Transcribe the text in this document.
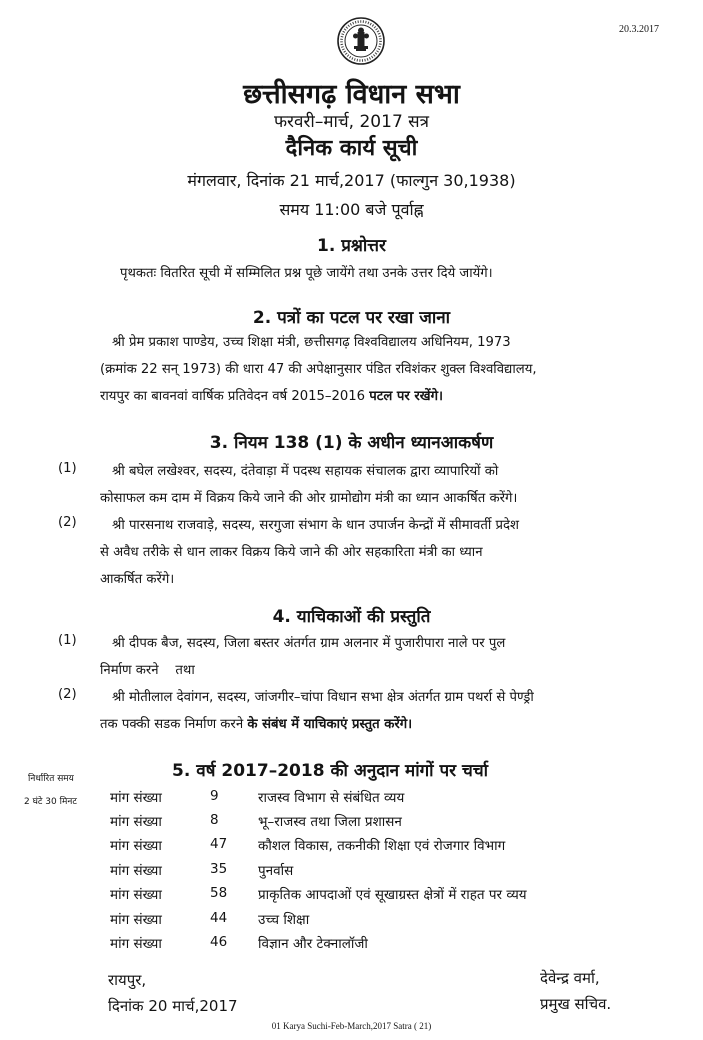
20.3.2017
छत्तीसगढ़ विधान सभा
फरवरी–मार्च, 2017 सत्र
दैनिक कार्य सूची
मंगलवार, दिनांक 21 मार्च,2017 (फाल्गुन 30,1938)
समय 11:00 बजे पूर्वाह्न
1. प्रश्नोत्तर
पृथकतः वितरित सूची में सम्मिलित प्रश्न पूछे जायेंगे तथा उनके उत्तर दिये जायेंगे।
2. पत्रों का पटल पर रखा जाना
श्री प्रेम प्रकाश पाण्डेय, उच्च शिक्षा मंत्री, छत्तीसगढ़ विश्वविद्यालय अधिनियम, 1973
(क्रमांक 22 सन् 1973) की धारा 47 की अपेक्षानुसार पंडित रविशंकर शुक्ल विश्वविद्यालय,
रायपुर का बावनवां वार्षिक प्रतिवेदन वर्ष 2015–2016 पटल पर रखेंगे।
3. नियम 138 (1) के अधीन ध्यानआकर्षण
(1)	श्री बघेल लखेश्वर, सदस्य, दंतेवाड़ा में पदस्थ सहायक संचालक द्वारा व्यापारियों को
कोसाफल कम दाम में विक्रय किये जाने की ओर ग्रामोद्योग मंत्री का ध्यान आकर्षित करेंगे।
(2)	श्री पारसनाथ राजवाड़े, सदस्य, सरगुजा संभाग के धान उपार्जन केन्द्रों में सीमावर्ती प्रदेश
से अवैध तरीके से धान लाकर विक्रय किये जाने की ओर सहकारिता मंत्री का ध्यान
आकर्षित करेंगे।
4. याचिकाओं की प्रस्तुति
(1)	श्री दीपक बैज, सदस्य, जिला बस्तर अंतर्गत ग्राम अलनार में पुजारीपारा नाले पर पुल
निर्माण करने    तथा
(2)	श्री मोतीलाल देवांगन, सदस्य, जांजगीर–चांपा विधान सभा क्षेत्र अंतर्गत ग्राम पथर्रा से पेण्ड्री
तक पक्की सडक निर्माण करने के संबंध में याचिकाएं प्रस्तुत करेंगे।
निर्धारित समय	5. वर्ष 2017–2018 की अनुदान मांगों पर चर्चा
2 घंटे 30 मिनट मांग संख्या	9	राजस्व विभाग से संबंधित व्यय
मांग संख्या	8	भू–राजस्व तथा जिला प्रशासन
मांग संख्या	47 कौशल विकास, तकनीकी शिक्षा एवं रोजगार विभाग
मांग संख्या	35 पुनर्वास
मांग संख्या	58 प्राकृतिक आपदाओं एवं सूखाग्रस्त क्षेत्रों में राहत पर व्यय
मांग संख्या	44 उच्च शिक्षा
मांग संख्या	46 विज्ञान और टेक्नालॉजी
रायपुर,
दिनांक 20 मार्च,2017
देवेन्द्र वर्मा,
प्रमुख सचिव.
01 Karya Suchi-Feb-March,2017 Satra ( 21)
